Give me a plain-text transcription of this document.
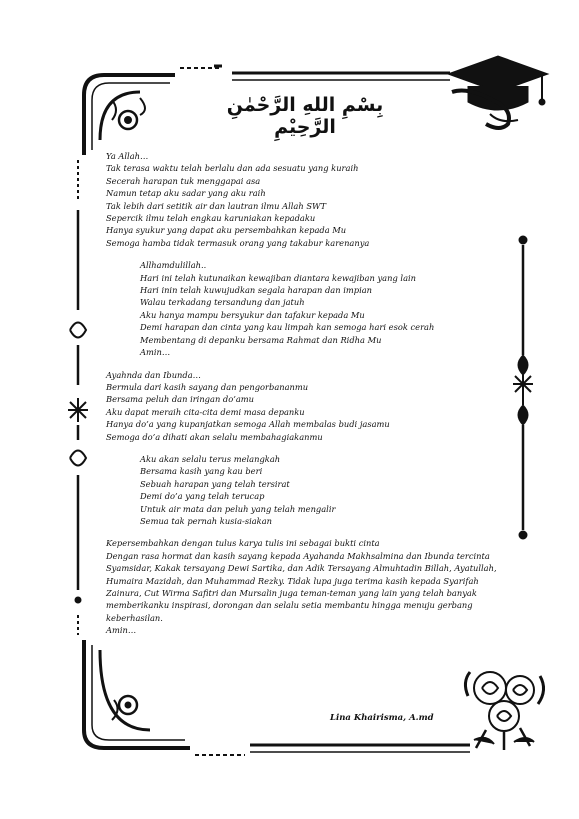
بِسْمِ اللهِ الرَّحْمٰنِ الرَّحِيْمِ
Ya Allah…
Tak terasa waktu telah berlalu dan ada sesuatu yang kuraih
Secerah harapan tuk menggapai asa
Namun tetap aku sadar yang aku raih
Tak lebih dari setitik air dan lautran ilmu Allah SWT
Sepercik ilmu telah engkau karuniakan kepadaku
Hanya syukur yang dapat aku persembahkan kepada Mu
Semoga hamba tidak termasuk orang yang takabur karenanya
Allhamdulillah..
Hari ini telah kutunaikan kewajiban diantara kewajiban yang lain
Hari inin telah kuwujudkan segala harapan dan impian
Walau terkadang tersandung dan jatuh
Aku hanya mampu bersyukur dan tafakur kepada Mu
Demi harapan dan cinta yang kau limpah kan semoga hari esok cerah
Membentang di depanku bersama Rahmat dan Ridha Mu
Amin…
Ayahnda dan Ibunda…
Bermula dari kasih sayang dan pengorbananmu
Bersama peluh dan iringan do’amu
Aku dapat meraih cita-cita demi masa depanku
Hanya do’a yang kupanjatkan semoga Allah membalas budi jasamu
Semoga do’a dihati akan selalu membahagiakanmu
Aku akan selalu terus melangkah
Bersama kasih yang kau beri
Sebuah harapan yang telah tersirat
Demi do’a yang telah terucap
Untuk air mata dan peluh yang telah mengalir
Semua tak pernah kusia-siakan
Kepersembahkan dengan tulus karya tulis ini sebagai bukti cinta

Dengan rasa hormat dan kasih sayang kepada Ayahanda Makhsalmina dan Ibunda tercinta Syamsidar, Kakak tersayang Dewi Sartika, dan Adik Tersayang Almuhtadin Billah, Ayatullah, Humaira Mazidah, dan Muhammad Rezky. Tidak lupa juga terima kasih kepada Syarifah Zainura, Cut Wirma Safitri dan Mursalin juga teman-teman yang lain yang telah banyak memberikanku inspirasi, dorongan dan selalu setia membantu hingga menuju gerbang keberhasilan.

Amin…
Lina Khairisma, A.md
